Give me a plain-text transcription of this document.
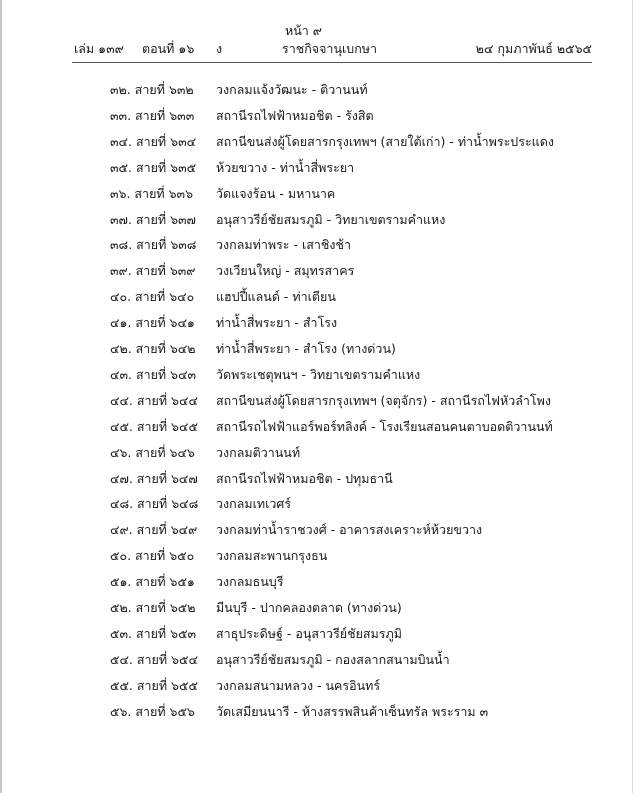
หน้า ๙
เล่ม ๑๓๙ ตอนที่ ๑๖ ง	ราชกิจจานุเบกษา	๒๔ กุมภาพันธ์ ๒๕๖๕
๓๒. สายที่ ๖๓๒ วงกลมแจ้งวัฒนะ - ติวานนท์
๓๓. สายที่ ๖๓๓ สถานีรถไฟฟ้าหมอชิต - รังสิต
๓๔. สายที่ ๖๓๔ สถานีขนส่งผู้โดยสารกรุงเทพฯ (สายใต้เก่า) - ท่าน้ำพระประแดง
๓๕. สายที่ ๖๓๕ ห้วยขวาง - ท่าน้ำสี่พระยา
๓๖. สายที่ ๖๓๖ วัดแจงร้อน - มหานาค
๓๗. สายที่ ๖๓๗ อนุสาวรีย์ชัยสมรภูมิ - วิทยาเขตรามคำแหง
๓๘. สายที่ ๖๓๘ วงกลมท่าพระ - เสาชิงช้า
๓๙. สายที่ ๖๓๙ วงเวียนใหญ่ - สมุทรสาคร
๔๐. สายที่ ๖๔๐ แฮปปี้แลนด์ - ท่าเตียน
๔๑. สายที่ ๖๔๑ ท่าน้ำสี่พระยา - สำโรง
๔๒. สายที่ ๖๔๒ ท่าน้ำสี่พระยา - สำโรง (ทางด่วน)
๔๓. สายที่ ๖๔๓ วัดพระเชตุพนฯ - วิทยาเขตรามคำแหง
๔๔. สายที่ ๖๔๔ สถานีขนส่งผู้โดยสารกรุงเทพฯ (จตุจักร) - สถานีรถไฟหัวลำโพง
๔๕. สายที่ ๖๔๕ สถานีรถไฟฟ้าแอร์พอร์ทลิงค์ - โรงเรียนสอนคนตาบอดติวานนท์
๔๖. สายที่ ๖๔๖ วงกลมติวานนท์
๔๗. สายที่ ๖๔๗ สถานีรถไฟฟ้าหมอชิต - ปทุมธานี
๔๘. สายที่ ๖๔๘ วงกลมเทเวศร์
๔๙. สายที่ ๖๔๙ วงกลมท่าน้ำราชวงศ์ - อาคารสงเคราะห์ห้วยขวาง
๕๐. สายที่ ๖๕๐ วงกลมสะพานกรุงธน
๕๑. สายที่ ๖๕๑ วงกลมธนบุรี
๕๒. สายที่ ๖๕๒ มีนบุรี - ปากคลองตลาด (ทางด่วน)
๕๓. สายที่ ๖๕๓ สาธุประดิษฐ์ - อนุสาวรีย์ชัยสมรภูมิ
๕๔. สายที่ ๖๕๔ อนุสาวรีย์ชัยสมรภูมิ - กองสลากสนามบินน้ำ
๕๕. สายที่ ๖๕๕ วงกลมสนามหลวง - นครอินทร์
๕๖. สายที่ ๖๕๖ วัดเสมียนนารี - ห้างสรรพสินค้าเซ็นทรัล พระราม ๓
